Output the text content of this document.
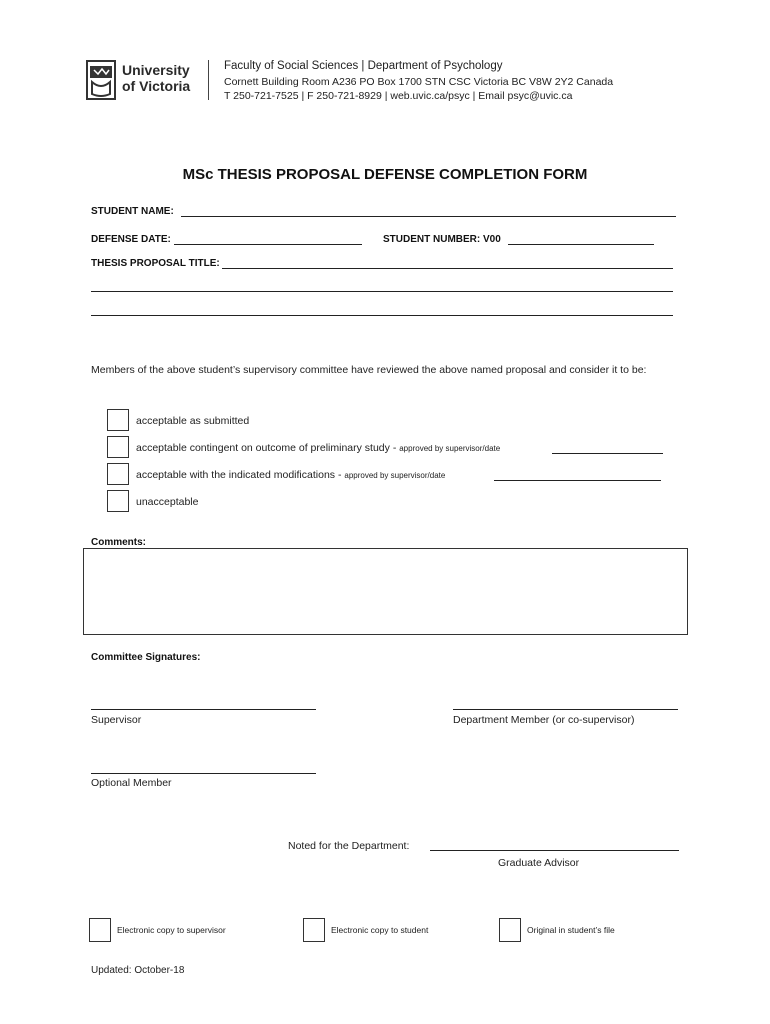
University
of Victoria
Faculty of Social Sciences | Department of Psychology
Cornett Building Room A236 PO Box 1700 STN CSC Victoria BC V8W 2Y2 Canada
T 250-721-7525 | F 250-721-8929 | web.uvic.ca/psyc | Email psyc@uvic.ca
MSc THESIS PROPOSAL DEFENSE COMPLETION FORM
STUDENT NAME:
DEFENSE DATE:	STUDENT NUMBER: V00
THESIS PROPOSAL TITLE:
Members of the above student’s supervisory committee have reviewed the above named proposal and consider it to be:
acceptable as submitted
acceptable contingent on outcome of preliminary study - approved by supervisor/date
acceptable with the indicated modifications - approved by supervisor/date
unacceptable
Comments:
Committee Signatures:
Supervisor	Department Member (or co-supervisor)
Optional Member
Noted for the Department:
Graduate Advisor
Electronic copy to supervisor	Electronic copy to student	Original in student’s file
Updated: October-18
